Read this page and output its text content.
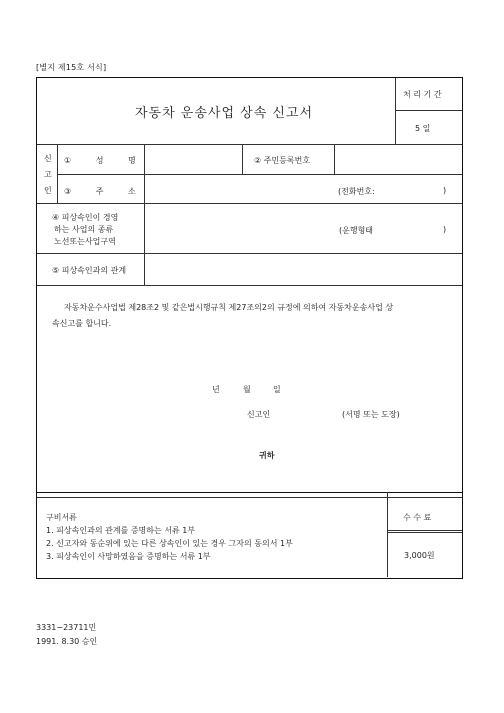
[별지 제15호 서식]
자동차 운송사업 상속 신고서
처 리 기 간
5 일
신
고
인
① 성 명	② 주민등록번호
③ 주 소	(전화번호:	)
④ 피상속인이 경영
하는 사업의 종류
노선또는사업구역
(운행형태	)
⑤ 피상속인과의 관계
자동차운수사업법 제28조2 및 같은법시행규칙 제27조의2의 규정에 의하여 자동차운송사업 상
속신고를 합니다.
년	월	일
신고인	(서명 또는 도장)
귀하
구비서류
1. 피상속인과의 관계를 증명하는 서류 1부
2. 신고자와 동순위에 있는 다른 상속인이 있는 경우 그자의 동의서 1부
3. 피상속인이 사망하였음을 증명하는 서류 1부
수 수 료
3,000원
3331−23711민
1991. 8.30 승인
